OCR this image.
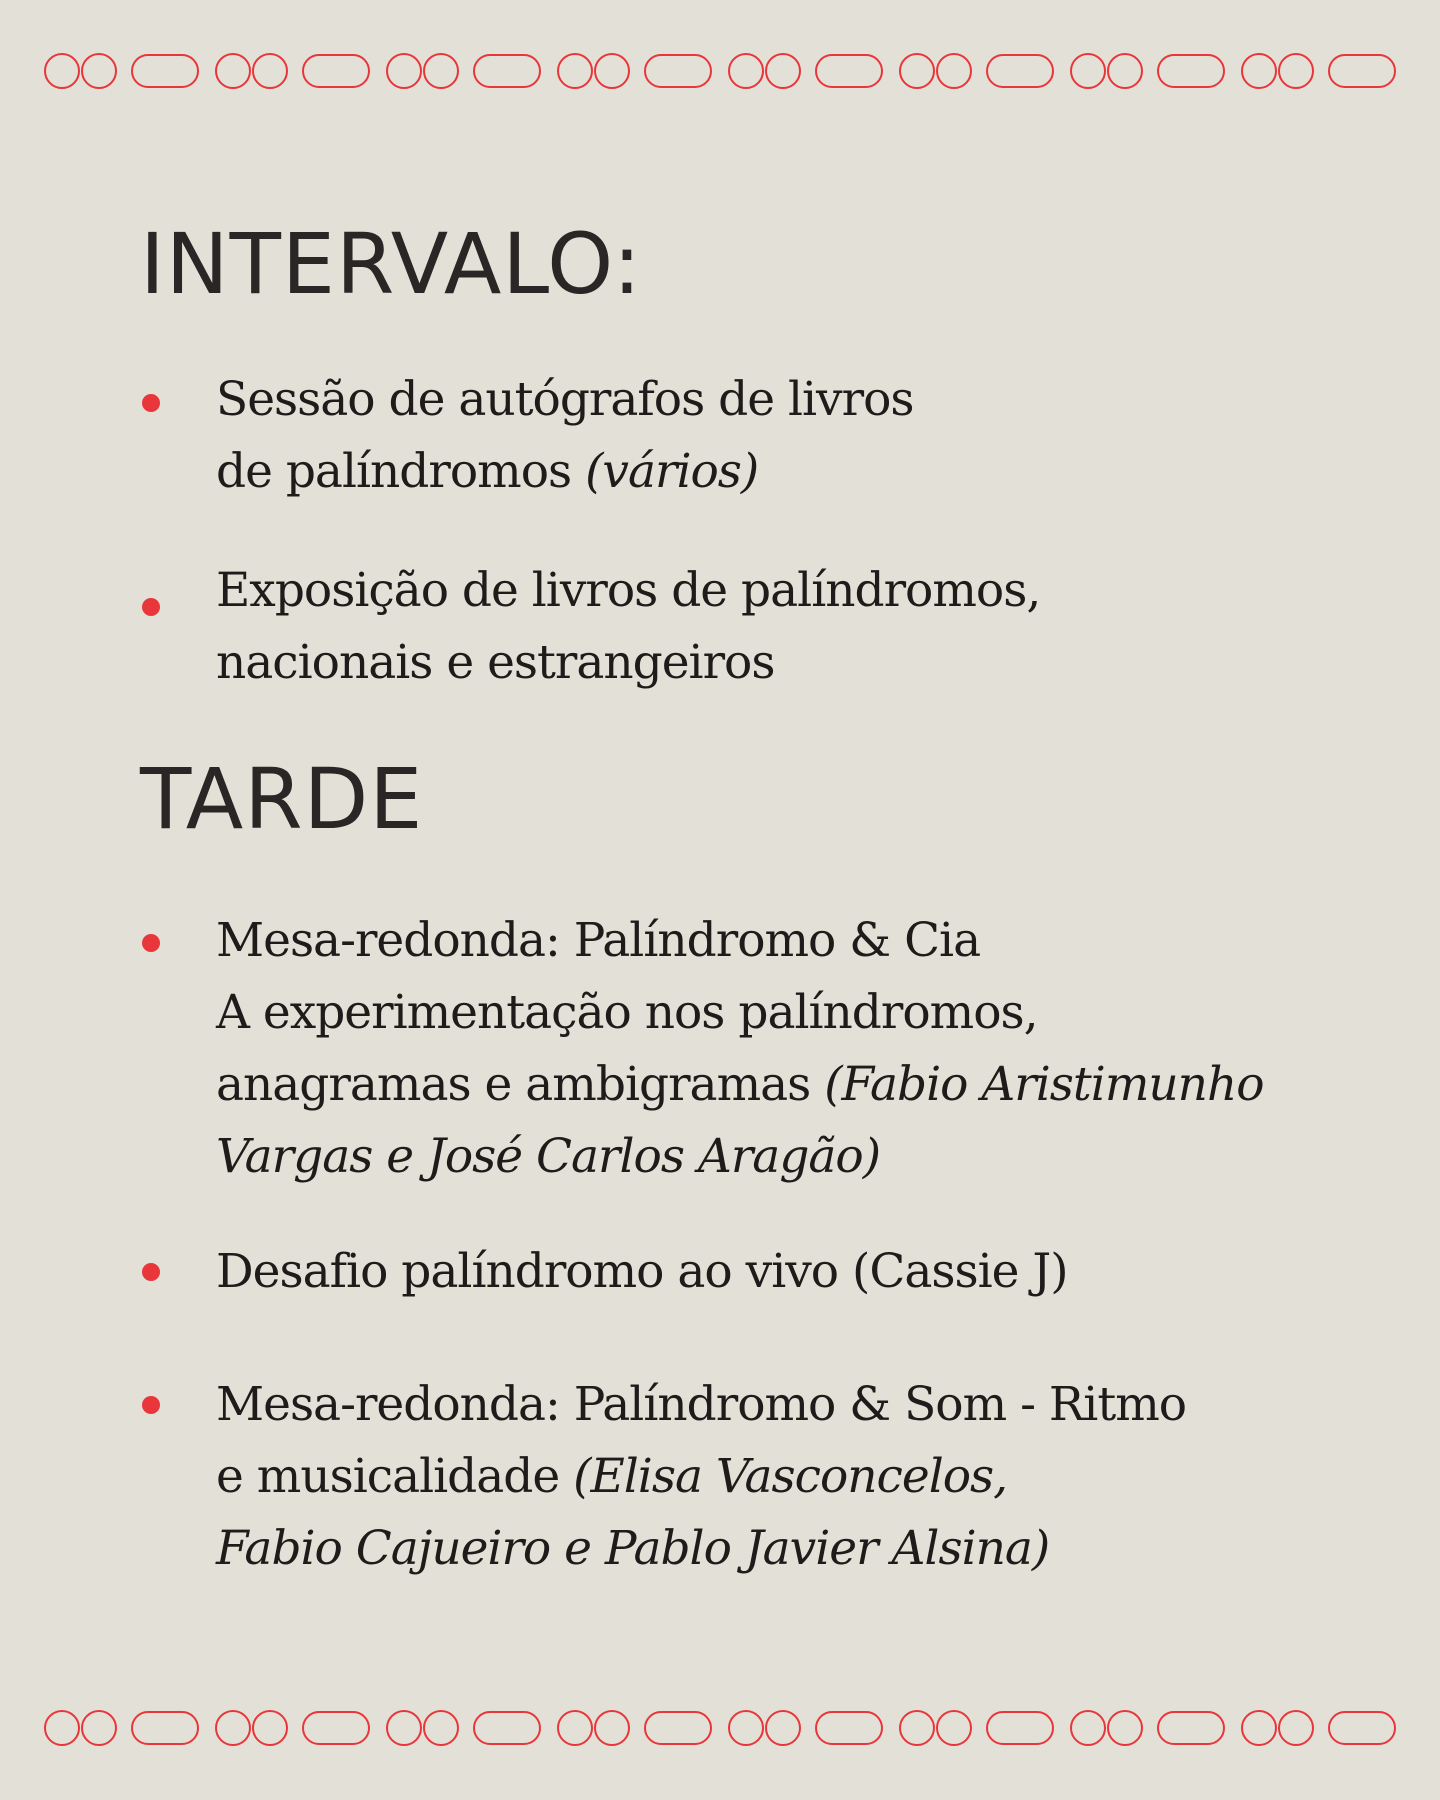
INTERVALO:
Sessão de autógrafos de livros
de palíndromos (vários)
Exposição de livros de palíndromos,
nacionais e estrangeiros
TARDE
Mesa-redonda: Palíndromo & Cia
A experimentação nos palíndromos,
anagramas e ambigramas (Fabio Aristimunho
Vargas e José Carlos Aragão)
Desafio palíndromo ao vivo (Cassie J)
Mesa-redonda: Palíndromo & Som - Ritmo
e musicalidade (Elisa Vasconcelos,
Fabio Cajueiro e Pablo Javier Alsina)
